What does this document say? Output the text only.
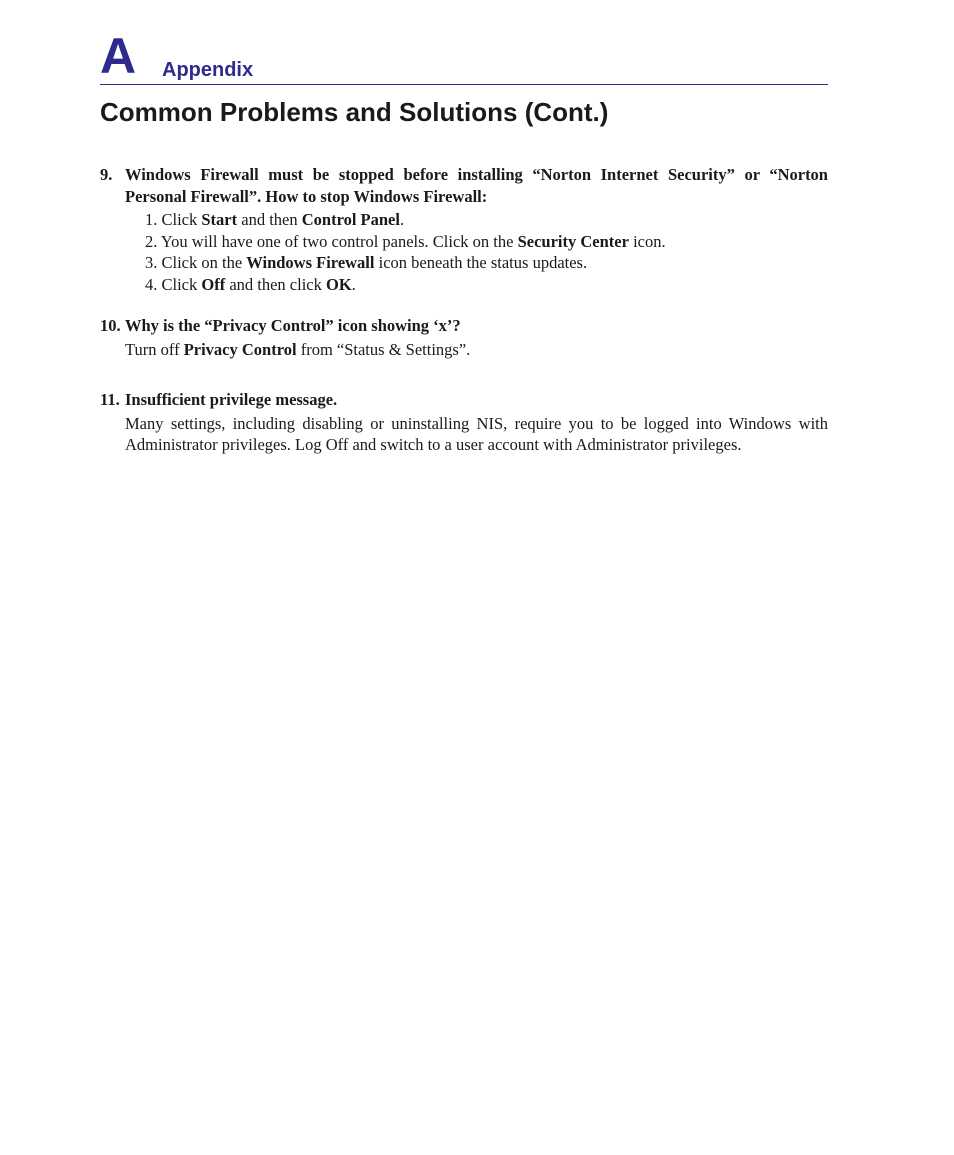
A Appendix
Common Problems and Solutions (Cont.)
9. Windows Firewall must be stopped before installing “Norton Internet Security” or “Norton Personal Firewall”. How to stop Windows Firewall:
1. Click Start and then Control Panel.
2. You will have one of two control panels. Click on the Security Center icon.
3. Click on the Windows Firewall icon beneath the status updates.
4. Click Off and then click OK.
10. Why is the “Privacy Control” icon showing ‘x’?
Turn off Privacy Control from “Status & Settings”.
11. Insufficient privilege message.
Many settings, including disabling or uninstalling NIS, require you to be logged into Windows with Administrator privileges. Log Off and switch to a user account with Administrator privileges.
